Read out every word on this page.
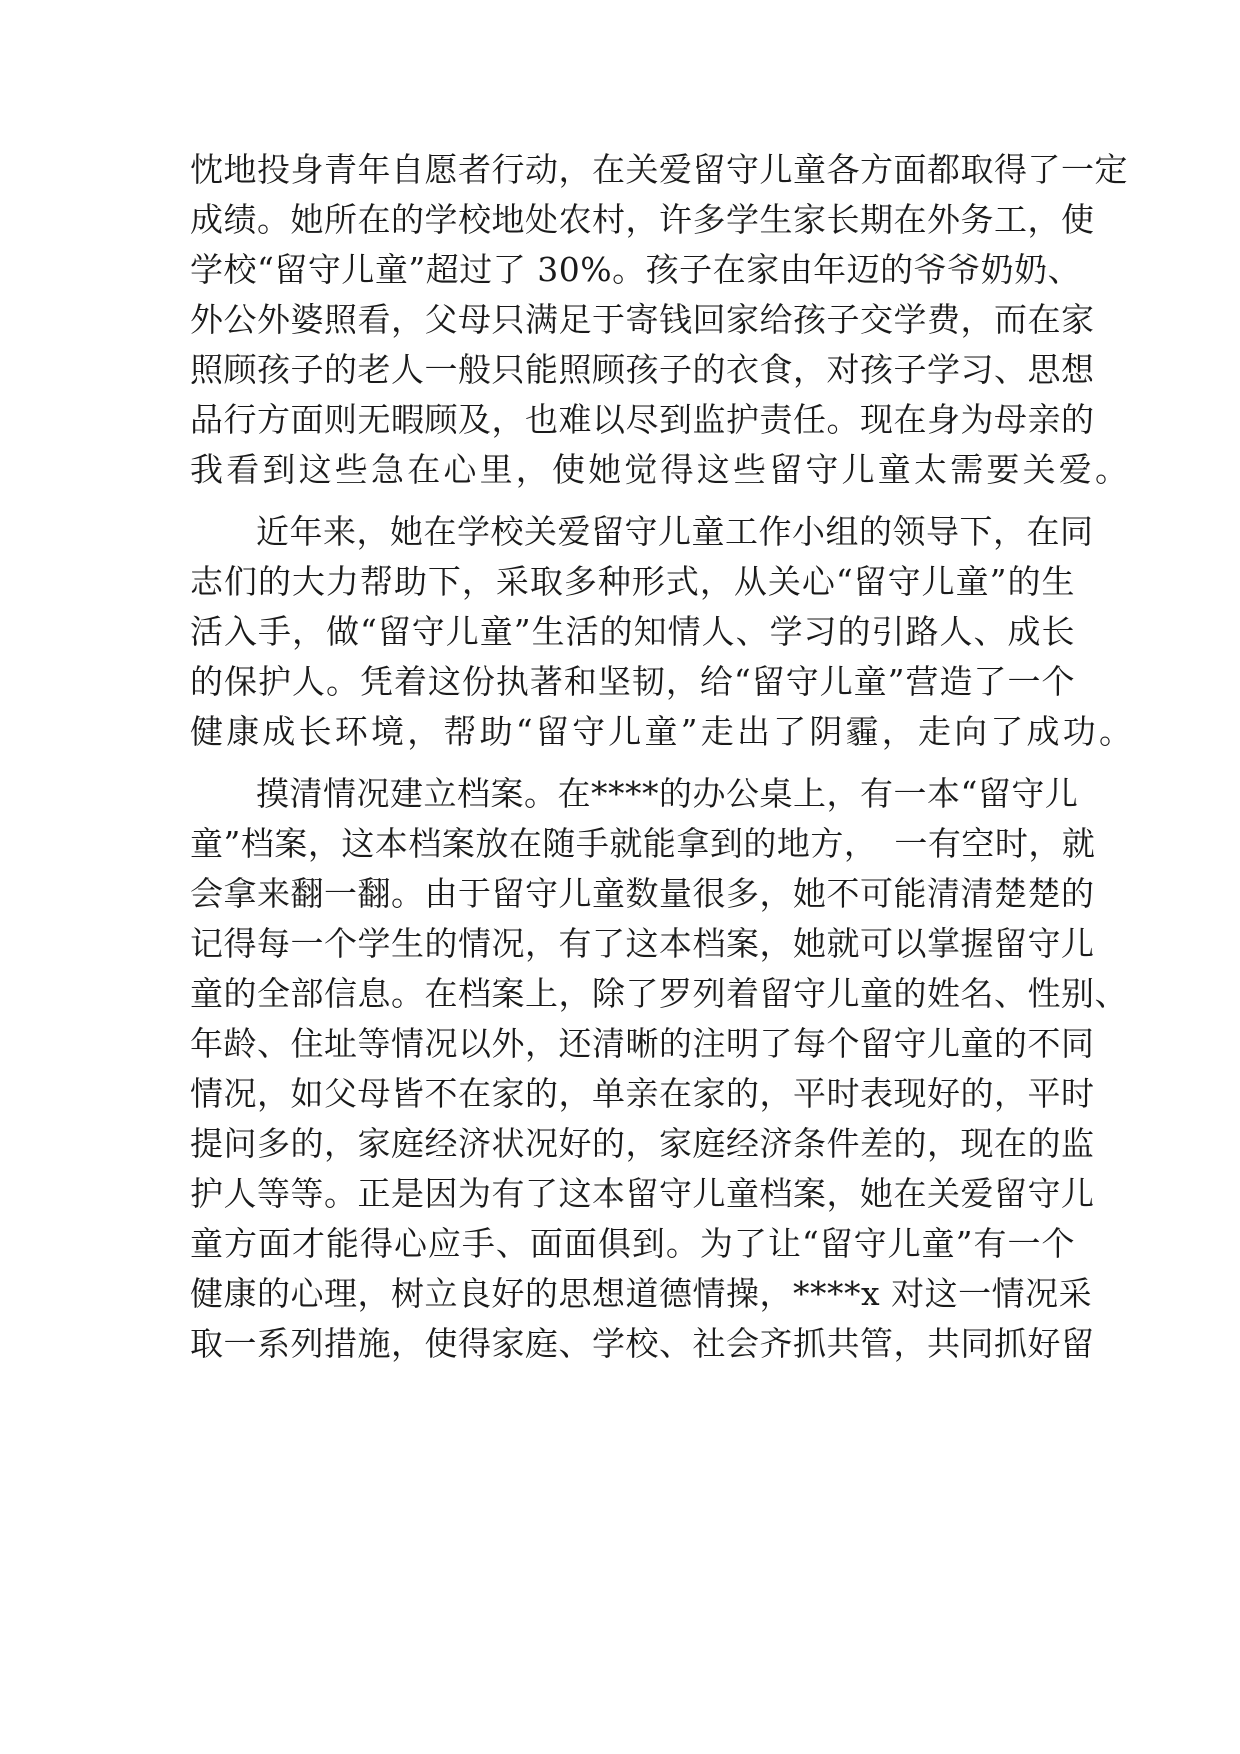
忱地投身青年自愿者行动，在关爱留守儿童各方面都取得了一定
成绩。她所在的学校地处农村，许多学生家长期在外务工，使
学校“留守儿童”超过了 30%。孩子在家由年迈的爷爷奶奶、
外公外婆照看，父母只满足于寄钱回家给孩子交学费，而在家
照顾孩子的老人一般只能照顾孩子的衣食，对孩子学习、思想
品行方面则无暇顾及，也难以尽到监护责任。现在身为母亲的
我看到这些急在心里，使她觉得这些留守儿童太需要关爱。
近年来，她在学校关爱留守儿童工作小组的领导下，在同
志们的大力帮助下，采取多种形式，从关心“留守儿童”的生
活入手，做“留守儿童”生活的知情人、学习的引路人、成长
的保护人。凭着这份执著和坚韧，给“留守儿童”营造了一个
健康成长环境，帮助“留守儿童”走出了阴霾，走向了成功。
摸清情况建立档案。在****的办公桌上，有一本“留守儿
童”档案，这本档案放在随手就能拿到的地方，　一有空时，就
会拿来翻一翻。由于留守儿童数量很多，她不可能清清楚楚的
记得每一个学生的情况，有了这本档案，她就可以掌握留守儿
童的全部信息。在档案上，除了罗列着留守儿童的姓名、性别、
年龄、住址等情况以外，还清晰的注明了每个留守儿童的不同
情况，如父母皆不在家的，单亲在家的，平时表现好的，平时
提问多的，家庭经济状况好的，家庭经济条件差的，现在的监
护人等等。正是因为有了这本留守儿童档案，她在关爱留守儿
童方面才能得心应手、面面俱到。为了让“留守儿童”有一个
健康的心理，树立良好的思想道德情操，****x 对这一情况采
取一系列措施，使得家庭、学校、社会齐抓共管，共同抓好留
